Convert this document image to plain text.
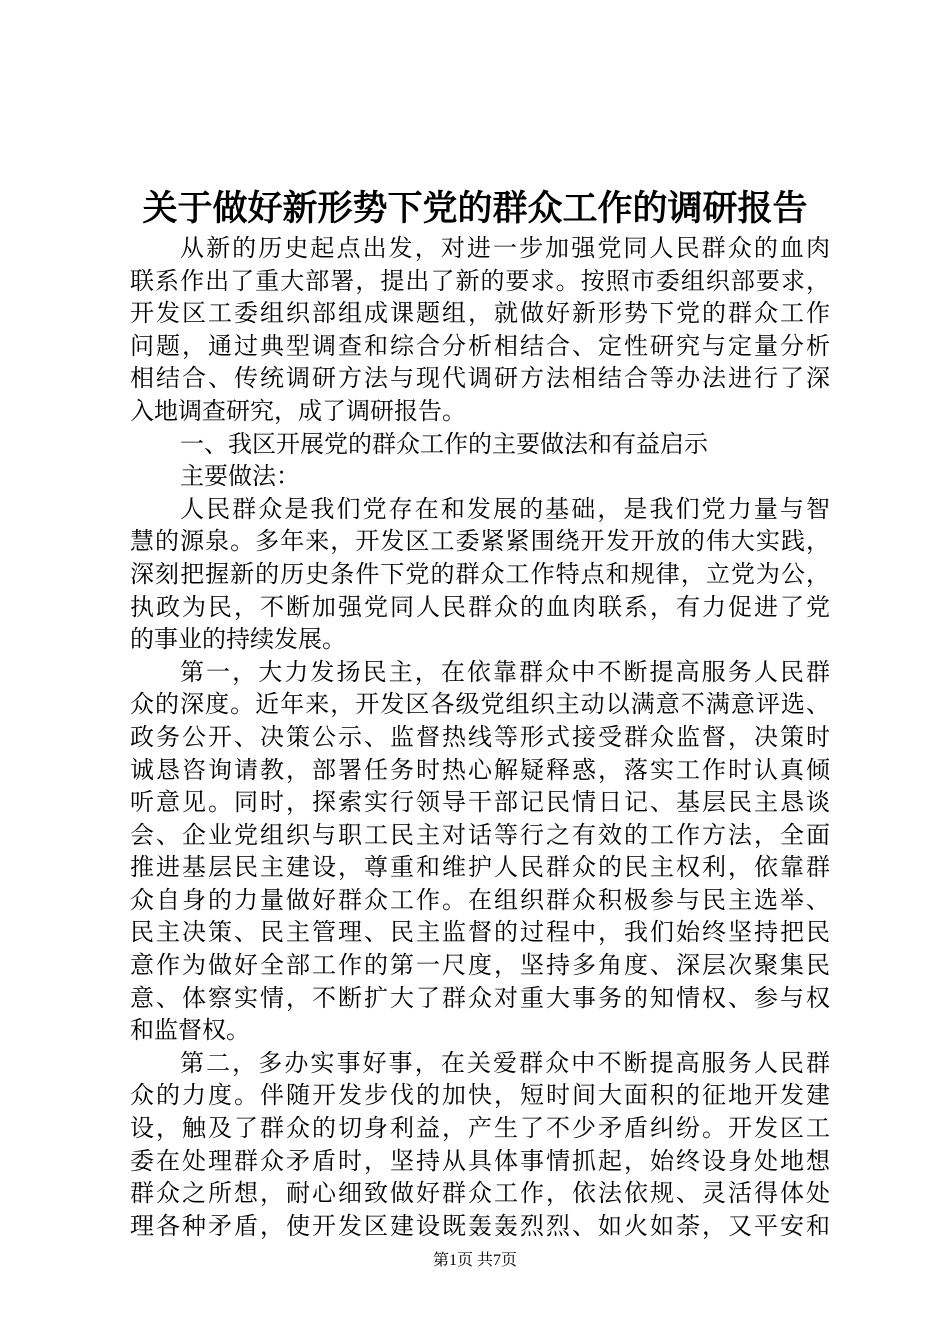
关于做好新形势下党的群众工作的调研报告
从新的历史起点出发，对进一步加强党同人民群众的血肉
联系作出了重大部署，提出了新的要求。按照市委组织部要求，
开发区工委组织部组成课题组，就做好新形势下党的群众工作
问题，通过典型调查和综合分析相结合、定性研究与定量分析
相结合、传统调研方法与现代调研方法相结合等办法进行了深
入地调查研究，成了调研报告。
一、我区开展党的群众工作的主要做法和有益启示
主要做法：
人民群众是我们党存在和发展的基础，是我们党力量与智
慧的源泉。多年来，开发区工委紧紧围绕开发开放的伟大实践，
深刻把握新的历史条件下党的群众工作特点和规律，立党为公，
执政为民，不断加强党同人民群众的血肉联系，有力促进了党
的事业的持续发展。
第一，大力发扬民主，在依靠群众中不断提高服务人民群
众的深度。近年来，开发区各级党组织主动以满意不满意评选、
政务公开、决策公示、监督热线等形式接受群众监督，决策时
诚恳咨询请教，部署任务时热心解疑释惑，落实工作时认真倾
听意见。同时，探索实行领导干部记民情日记、基层民主恳谈
会、企业党组织与职工民主对话等行之有效的工作方法，全面
推进基层民主建设，尊重和维护人民群众的民主权利，依靠群
众自身的力量做好群众工作。在组织群众积极参与民主选举、
民主决策、民主管理、民主监督的过程中，我们始终坚持把民
意作为做好全部工作的第一尺度，坚持多角度、深层次聚集民
意、体察实情，不断扩大了群众对重大事务的知情权、参与权
和监督权。
第二，多办实事好事，在关爱群众中不断提高服务人民群
众的力度。伴随开发步伐的加快，短时间大面积的征地开发建
设，触及了群众的切身利益，产生了不少矛盾纠纷。开发区工
委在处理群众矛盾时，坚持从具体事情抓起，始终设身处地想
群众之所想，耐心细致做好群众工作，依法依规、灵活得体处
理各种矛盾，使开发区建设既轰轰烈烈、如火如荼，又平安和
第1页 共7页
